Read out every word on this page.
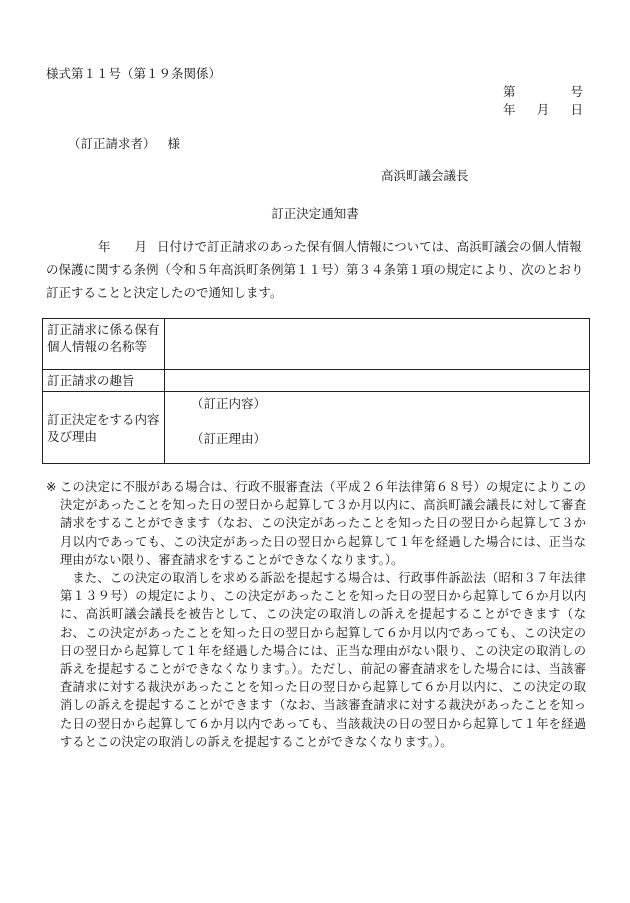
様式第１１号（第１９条関係）
第	号
年 月 日
（訂正請求者） 様
高浜町議会議長
訂正決定通知書
年 月 日付けで訂正請求のあった保有個人情報については、高浜町議会の個人情報の保護に関する条例（令和５年高浜町条例第１１号）第３４条第１項の規定により、次のとおり訂正することと決定したので通知します。
訂正請求に係る保有個人情報の名称等	
訂正請求の趣旨	
訂正決定をする内容及び理由	（訂正内容）
（訂正理由）
※ この決定に不服がある場合は、行政不服審査法（平成２６年法律第６８号）の規定によりこの決定があったことを知った日の翌日から起算して３か月以内に、高浜町議会議長に対して審査請求をすることができます（なお、この決定があったことを知った日の翌日から起算して３か月以内であっても、この決定があった日の翌日から起算して１年を経過した場合には、正当な理由がない限り、審査請求をすることができなくなります。）。
また、この決定の取消しを求める訴訟を提起する場合は、行政事件訴訟法（昭和３７年法律第１３９号）の規定により、この決定があったことを知った日の翌日から起算して６か月以内に、高浜町議会議長を被告として、この決定の取消しの訴えを提起することができます（なお、この決定があったことを知った日の翌日から起算して６か月以内であっても、この決定の日の翌日から起算して１年を経過した場合には、正当な理由がない限り、この決定の取消しの訴えを提起することができなくなります。）。ただし、前記の審査請求をした場合には、当該審査請求に対する裁決があったことを知った日の翌日から起算して６か月以内に、この決定の取消しの訴えを提起することができます（なお、当該審査請求に対する裁決があったことを知った日の翌日から起算して６か月以内であっても、当該裁決の日の翌日から起算して１年を経過するとこの決定の取消しの訴えを提起することができなくなります。）。
